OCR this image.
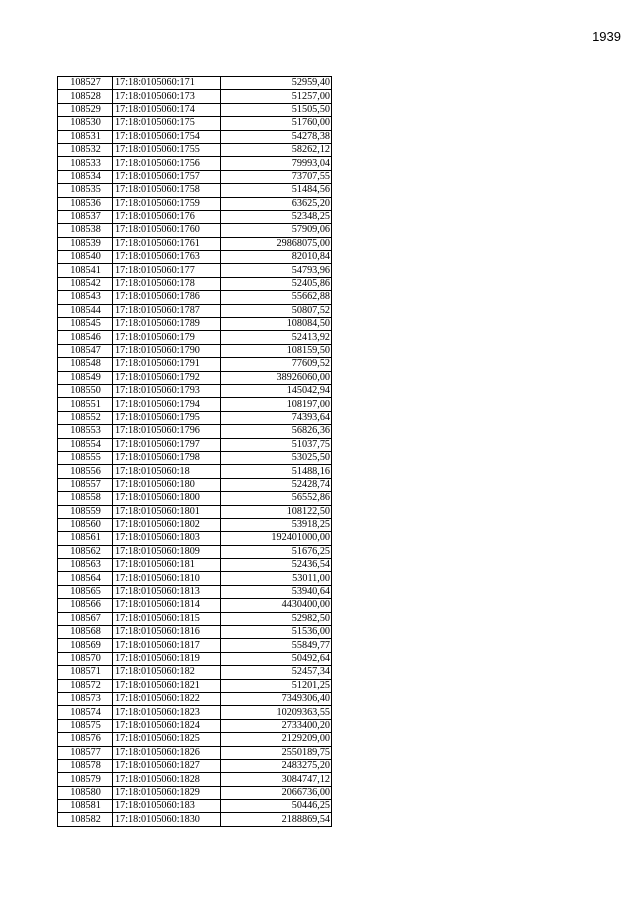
1939
108527	17:18:0105060:171	52959,40
108528	17:18:0105060:173	51257,00
108529	17:18:0105060:174	51505,50
108530	17:18:0105060:175	51760,00
108531	17:18:0105060:1754	54278,38
108532	17:18:0105060:1755	58262,12
108533	17:18:0105060:1756	79993,04
108534	17:18:0105060:1757	73707,55
108535	17:18:0105060:1758	51484,56
108536	17:18:0105060:1759	63625,20
108537	17:18:0105060:176	52348,25
108538	17:18:0105060:1760	57909,06
108539	17:18:0105060:1761	29868075,00
108540	17:18:0105060:1763	82010,84
108541	17:18:0105060:177	54793,96
108542	17:18:0105060:178	52405,86
108543	17:18:0105060:1786	55662,88
108544	17:18:0105060:1787	50807,52
108545	17:18:0105060:1789	108084,50
108546	17:18:0105060:179	52413,92
108547	17:18:0105060:1790	108159,50
108548	17:18:0105060:1791	77609,52
108549	17:18:0105060:1792	38926060,00
108550	17:18:0105060:1793	145042,94
108551	17:18:0105060:1794	108197,00
108552	17:18:0105060:1795	74393,64
108553	17:18:0105060:1796	56826,36
108554	17:18:0105060:1797	51037,75
108555	17:18:0105060:1798	53025,50
108556	17:18:0105060:18	51488,16
108557	17:18:0105060:180	52428,74
108558	17:18:0105060:1800	56552,86
108559	17:18:0105060:1801	108122,50
108560	17:18:0105060:1802	53918,25
108561	17:18:0105060:1803	192401000,00
108562	17:18:0105060:1809	51676,25
108563	17:18:0105060:181	52436,54
108564	17:18:0105060:1810	53011,00
108565	17:18:0105060:1813	53940,64
108566	17:18:0105060:1814	4430400,00
108567	17:18:0105060:1815	52982,50
108568	17:18:0105060:1816	51536,00
108569	17:18:0105060:1817	55849,77
108570	17:18:0105060:1819	50492,64
108571	17:18:0105060:182	52457,34
108572	17:18:0105060:1821	51201,25
108573	17:18:0105060:1822	7349306,40
108574	17:18:0105060:1823	10209363,55
108575	17:18:0105060:1824	2733400,20
108576	17:18:0105060:1825	2129209,00
108577	17:18:0105060:1826	2550189,75
108578	17:18:0105060:1827	2483275,20
108579	17:18:0105060:1828	3084747,12
108580	17:18:0105060:1829	2066736,00
108581	17:18:0105060:183	50446,25
108582	17:18:0105060:1830	2188869,54
